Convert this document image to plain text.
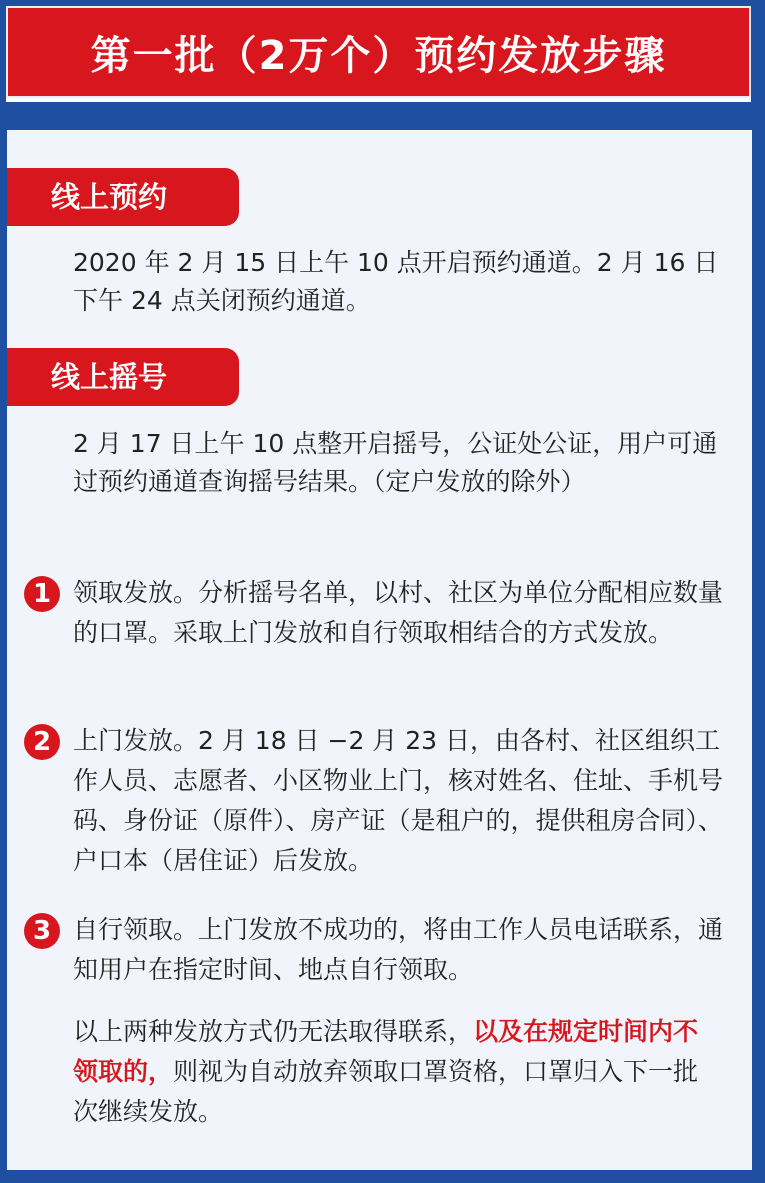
第一批（2万个）预约发放步骤
线上预约
2020 年 2 月 15 日上午 10 点开启预约通道。2 月 16 日下午 24 点关闭预约通道。
线上摇号
2 月 17 日上午 10 点整开启摇号，公证处公证，用户可通过预约通道查询摇号结果。（定户发放的除外）
1 领取发放。分析摇号名单，以村、社区为单位分配相应数量的口罩。采取上门发放和自行领取相结合的方式发放。
2 上门发放。2 月 18 日 −2 月 23 日，由各村、社区组织工作人员、志愿者、小区物业上门，核对姓名、住址、手机号码、身份证（原件）、房产证（是租户的，提供租房合同）、户口本（居住证）后发放。
3 自行领取。上门发放不成功的，将由工作人员电话联系，通知用户在指定时间、地点自行领取。
以上两种发放方式仍无法取得联系，以及在规定时间内不领取的，则视为自动放弃领取口罩资格，口罩归入下一批次继续发放。
